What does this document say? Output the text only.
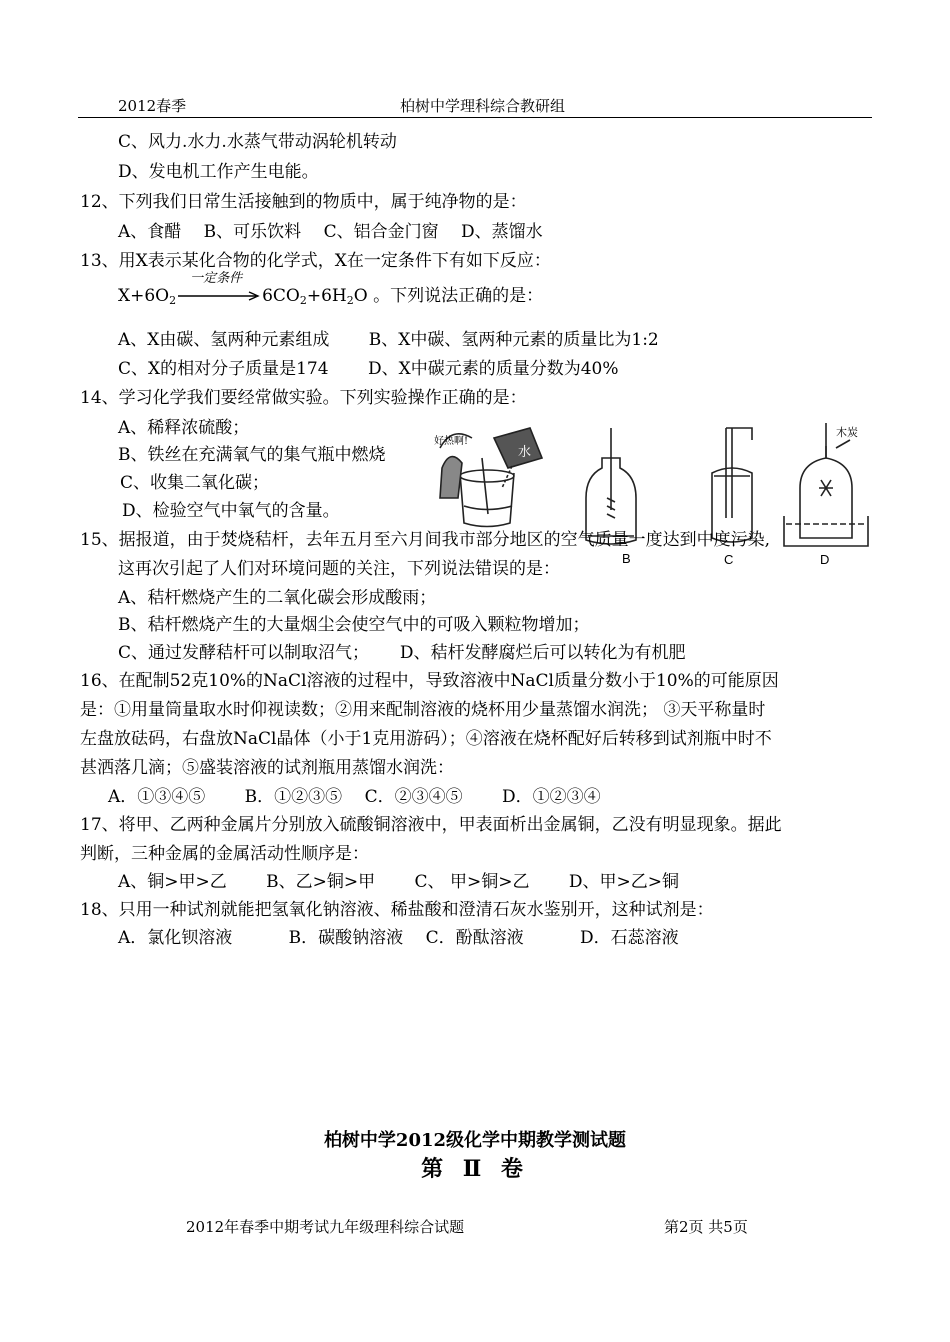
2012春季	柏树中学理科综合教研组
C、风力.水力.水蒸气带动涡轮机转动
D、发电机工作产生电能。
12、下列我们日常生活接触到的物质中，属于纯净物的是：
A、食醋　 B、可乐饮料　 C、铝合金门窗　 D、蒸馏水
13、用X表示某化合物的化学式，X在一定条件下有如下反应：
$X+6O_2$
一定条件
$6CO_2+6H_2O$ 。下列说法正确的是：
A、X由碳、氢两种元素组成　　 B、X中碳、氢两种元素的质量比为1:2
C、X的相对分子质量是174　　 D、X中碳元素的质量分数为40%
14、学习化学我们要经常做实验。下列实验操作正确的是：
A、稀释浓硫酸；
B、铁丝在充满氧气的集气瓶中燃烧
C、收集二氧化碳；
D、检验空气中氧气的含量。
B	C	D
水
木炭
好热啊!
15、据报道，由于焚烧秸杆，去年五月至六月间我市部分地区的空气质量一度达到中度污染,
这再次引起了人们对环境问题的关注，下列说法错误的是：
A、秸杆燃烧产生的二氧化碳会形成酸雨；
B、秸杆燃烧产生的大量烟尘会使空气中的可吸入颗粒物增加；
C、通过发酵秸杆可以制取沼气；　　 D、秸杆发酵腐烂后可以转化为有机肥
16、在配制52克10%的NaCl溶液的过程中，导致溶液中NaCl质量分数小于10%的可能原因
是：①用量筒量取水时仰视读数；②用来配制溶液的烧杯用少量蒸馏水润洗； ③天平称量时
左盘放砝码，右盘放NaCl晶体（小于1克用游码）；④溶液在烧杯配好后转移到试剂瓶中时不
甚洒落几滴；⑤盛装溶液的试剂瓶用蒸馏水润洗：
A．①③④⑤　　 B．①②③⑤　 C．②③④⑤　　 D．①②③④
17、将甲、乙两种金属片分别放入硫酸铜溶液中，甲表面析出金属铜，乙没有明显现象。据此
判断，三种金属的金属活动性顺序是：
A、铜>甲>乙　　 B、乙>铜>甲　　 C、 甲>铜>乙　　 D、甲>乙>铜
18、只用一种试剂就能把氢氧化钠溶液、稀盐酸和澄清石灰水鉴别开，这种试剂是：
A．氯化钡溶液　　　 B．碳酸钠溶液　 C．酚酞溶液　　　 D．石蕊溶液
柏树中学2012级化学中期教学测试题
第 Ⅱ 卷
2012年春季中期考试九年级理科综合试题	第2页 共5页
